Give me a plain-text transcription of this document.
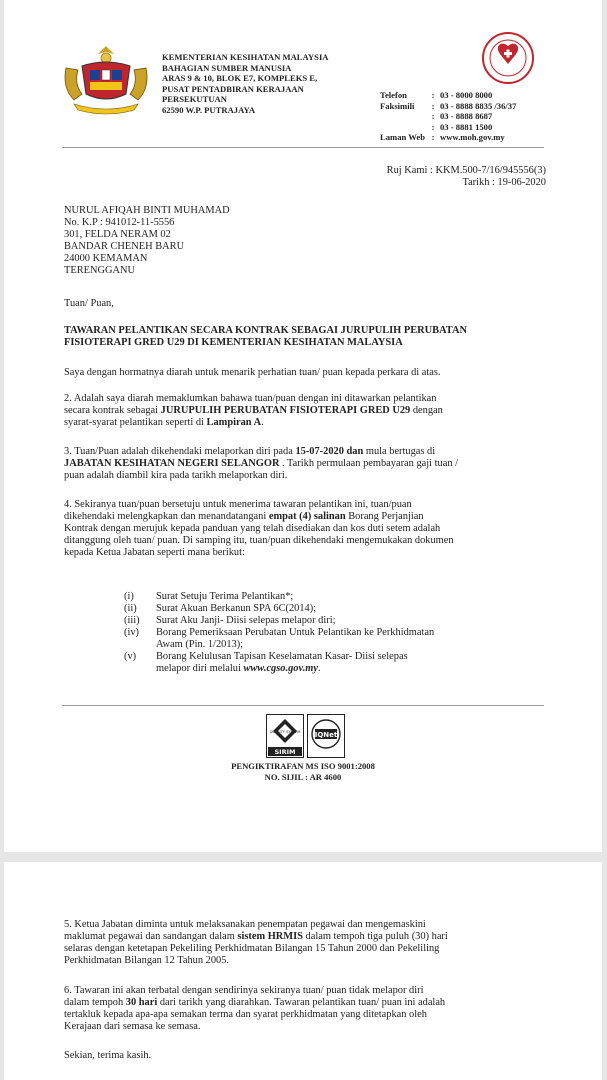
KEMENTERIAN KESIHATAN MALAYSIA
BAHAGIAN SUMBER MANUSIA
ARAS 9 & 10, BLOK E7, KOMPLEKS E,
PUSAT PENTADBIRAN KERAJAAN
PERSEKUTUAN
62590 W.P. PUTRAJAYA
Telefon	: 03 - 8000 8000
Faksimili	: 03 - 8888 8835 /36/37
: 03 - 8888 8687
: 03 - 8881 1500
Laman Web : www.moh.gov.my
Ruj Kami : KKM.500-7/16/945556(3)
Tarikh : 19-06-2020
NURUL AFIQAH BINTI MUHAMAD
No. K.P : 941012-11-5556
301, FELDA NERAM 02
BANDAR CHENEH BARU
24000 KEMAMAN
TERENGGANU
Tuan/ Puan,
TAWARAN PELANTIKAN SECARA KONTRAK SEBAGAI JURUPULIH PERUBATAN
FISIOTERAPI GRED U29 DI KEMENTERIAN KESIHATAN MALAYSIA
Saya dengan hormatnya diarah untuk menarik perhatian tuan/ puan kepada perkara di atas.
2. Adalah saya diarah memaklumkan bahawa tuan/puan dengan ini ditawarkan pelantikan
secara kontrak sebagai JURUPULIH PERUBATAN FISIOTERAPI GRED U29 dengan
syarat-syarat pelantikan seperti di Lampiran A.
3. Tuan/Puan adalah dikehendaki melaporkan diri pada 15-07-2020 dan mula bertugas di
JABATAN KESIHATAN NEGERI SELANGOR . Tarikh permulaan pembayaran gaji tuan /
puan adalah diambil kira pada tarikh melaporkan diri.
4. Sekiranya tuan/puan bersetuju untuk menerima tawaran pelantikan ini, tuan/puan
dikehendaki melengkapkan dan menandatangani empat (4) salinan Borang Perjanjian
Kontrak dengan merujuk kepada panduan yang telah disediakan dan kos duti setem adalah
ditanggung oleh tuan/ puan. Di samping itu, tuan/puan dikehendaki mengemukakan dokumen
kepada Ketua Jabatan seperti mana berikut:
(i)	Surat Setuju Terima Pelantikan*;
(ii)	Surat Akuan Berkanun SPA 6C(2014);
(iii)	Surat Aku Janji- Diisi selepas melapor diri;
(iv)	Borang Pemeriksaan Perubatan Untuk Pelantikan ke Perkhidmatan
Awam (Pin. 1/2013);
(v)	Borang Kelulusan Tapisan Keselamatan Kasar- Diisi selepas
melapor diri melalui www.cgso.gov.my.
QUALITY SYSTEM
SIRIM
IQNet
PENGIKTIRAFAN MS ISO 9001:2008
NO. SIJIL : AR 4600
5. Ketua Jabatan diminta untuk melaksanakan penempatan pegawai dan mengemaskini
maklumat pegawai dan sandangan dalam sistem HRMIS dalam tempoh tiga puluh (30) hari
selaras dengan ketetapan Pekeliling Perkhidmatan Bilangan 15 Tahun 2000 dan Pekeliling
Perkhidmatan Bilangan 12 Tahun 2005.
6. Tawaran ini akan terbatal dengan sendirinya sekiranya tuan/ puan tidak melapor diri
dalam tempoh 30 hari dari tarikh yang diarahkan. Tawaran pelantikan tuan/ puan ini adalah
tertakluk kepada apa-apa semakan terma dan syarat perkhidmatan yang ditetapkan oleh
Kerajaan dari semasa ke semasa.
Sekian, terima kasih.
